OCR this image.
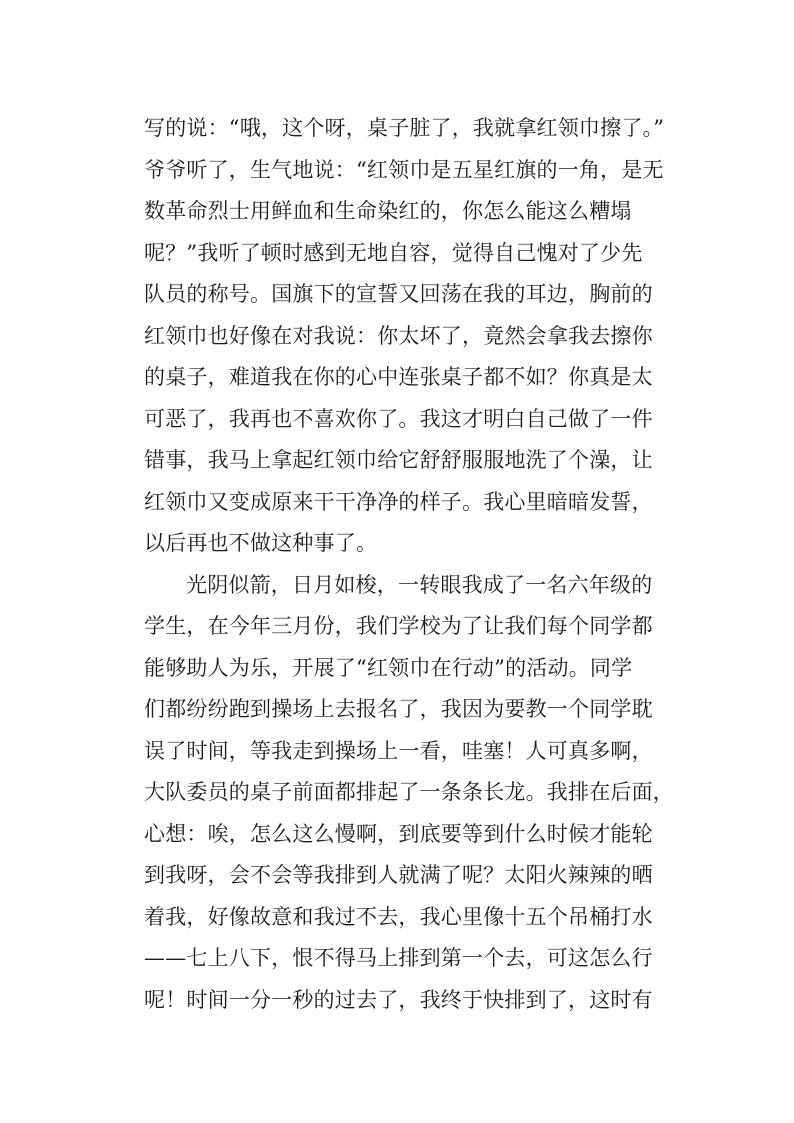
写的说：“哦，这个呀，桌子脏了，我就拿红领巾擦了。”
爷爷听了，生气地说：“红领巾是五星红旗的一角，是无
数革命烈士用鲜血和生命染红的，你怎么能这么糟塌
呢？”我听了顿时感到无地自容，觉得自己愧对了少先
队员的称号。国旗下的宣誓又回荡在我的耳边，胸前的
红领巾也好像在对我说：你太坏了，竟然会拿我去擦你
的桌子，难道我在你的心中连张桌子都不如？你真是太
可恶了，我再也不喜欢你了。我这才明白自己做了一件
错事，我马上拿起红领巾给它舒舒服服地洗了个澡，让
红领巾又变成原来干干净净的样子。我心里暗暗发誓，
以后再也不做这种事了。
光阴似箭，日月如梭，一转眼我成了一名六年级的
学生，在今年三月份，我们学校为了让我们每个同学都
能够助人为乐，开展了“红领巾在行动”的活动。同学
们都纷纷跑到操场上去报名了，我因为要教一个同学耽
误了时间，等我走到操场上一看，哇塞！人可真多啊，
大队委员的桌子前面都排起了一条条长龙。我排在后面，
心想：唉，怎么这么慢啊，到底要等到什么时候才能轮
到我呀，会不会等我排到人就满了呢？太阳火辣辣的晒
着我，好像故意和我过不去，我心里像十五个吊桶打水
——七上八下，恨不得马上排到第一个去，可这怎么行
呢！时间一分一秒的过去了，我终于快排到了，这时有
